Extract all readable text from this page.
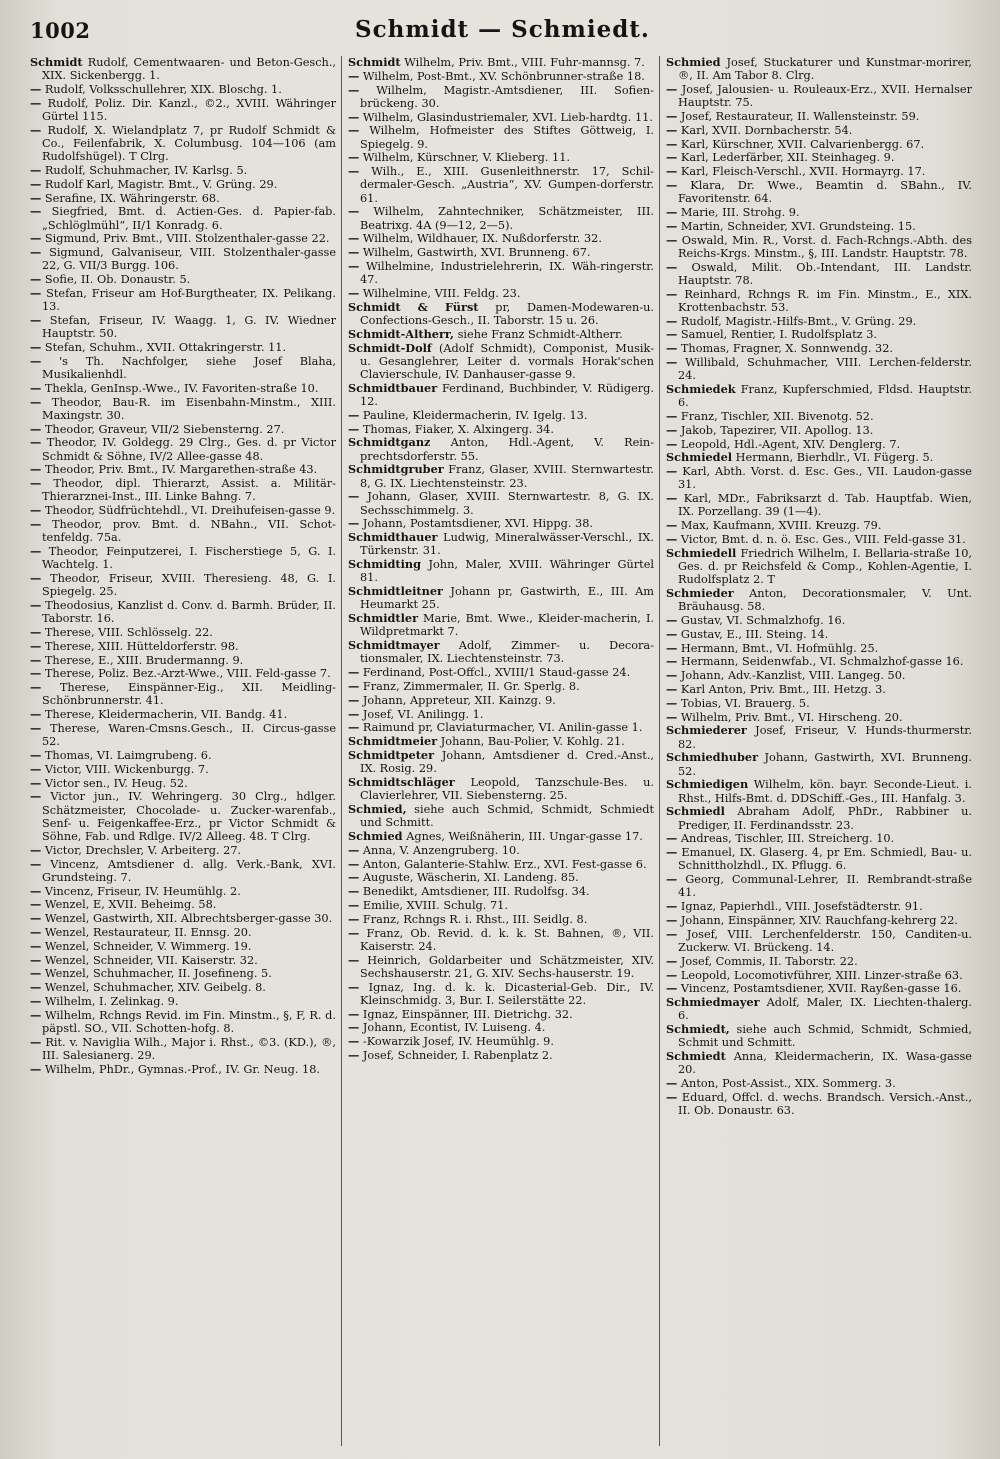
1002	Schmidt — Schmiedt.

Schmidt Rudolf, Cementwaaren- und Beton-Gesch., XIX. Sickenbergg. 1.

— Rudolf, Volksschullehrer, XIX. Bloschg. 1.

— Rudolf, Poliz. Dir. Kanzl., ©2., XVIII. Währinger Gürtel 115.

— Rudolf, X. Wielandplatz 7, pr Rudolf Schmidt & Co., Feilenfabrik, X. Columbusg. 104—106 (am Rudolfshügel). T Clrg.

— Rudolf, Schuhmacher, IV. Karlsg. 5.

— Rudolf Karl, Magistr. Bmt., V. Grüng. 29.

— Serafine, IX. Währingerstr. 68.

— Siegfried, Bmt. d. Actien-Ges. d. Papier-fab. „Schlöglmühl“, II/1 Konradg. 6.

— Sigmund, Priv. Bmt., VIII. Stolzenthaler-gasse 22.

— Sigmund, Galvaniseur, VIII. Stolzenthaler-gasse 22, G. VII/3 Burgg. 106.

— Sofie, II. Ob. Donaustr. 5.

— Stefan, Friseur am Hof-Burgtheater, IX. Pelikang. 13.

— Stefan, Friseur, IV. Waagg. 1, G. IV. Wiedner Hauptstr. 50.

— Stefan, Schuhm., XVII. Ottakringerstr. 11.

— 's Th. Nachfolger, siehe Josef Blaha, Musikalienhdl.

— Thekla, GenInsp.-Wwe., IV. Favoriten-straße 10.

— Theodor, Bau-R. im Eisenbahn-Minstm., XIII. Maxingstr. 30.

— Theodor, Graveur, VII/2 Siebensterng. 27.

— Theodor, IV. Goldegg. 29 Clrg., Ges. d. pr Victor Schmidt & Söhne, IV/2 Allee-gasse 48.

— Theodor, Priv. Bmt., IV. Margarethen-straße 43.

— Theodor, dipl. Thierarzt, Assist. a. Militär-Thierarznei-Inst., III. Linke Bahng. 7.

— Theodor, Südfrüchtehdl., VI. Dreihufeisen-gasse 9.

— Theodor, prov. Bmt. d. NBahn., VII. Schot-tenfeldg. 75a.

— Theodor, Feinputzerei, I. Fischerstiege 5, G. I. Wachtelg. 1.

— Theodor, Friseur, XVIII. Theresieng. 48, G. I. Spiegelg. 25.

— Theodosius, Kanzlist d. Conv. d. Barmh. Brüder, II. Taborstr. 16.

— Therese, VIII. Schlösselg. 22.

— Therese, XIII. Hütteldorferstr. 98.

— Therese, E., XIII. Brudermanng. 9.

— Therese, Poliz. Bez.-Arzt-Wwe., VIII. Feld-gasse 7.

— Therese, Einspänner-Eig., XII. Meidling-Schönbrunnerstr. 41.

— Therese, Kleidermacherin, VII. Bandg. 41.

— Therese, Waren-Cmsns.Gesch., II. Circus-gasse 52.

— Thomas, VI. Laimgrubeng. 6.

— Victor, VIII. Wickenburgg. 7.

— Victor sen., IV. Heug. 52.

— Victor jun., IV. Wehringerg. 30 Clrg., hdlger. Schätzmeister, Chocolade- u. Zucker-warenfab., Senf- u. Feigenkaffee-Erz., pr Victor Schmidt & Söhne, Fab. und Rdlge. IV/2 Alleeg. 48. T Clrg.

— Victor, Drechsler, V. Arbeiterg. 27.

— Vincenz, Amtsdiener d. allg. Verk.-Bank, XVI. Grundsteing. 7.

— Vincenz, Friseur, IV. Heumühlg. 2.

— Wenzel, E, XVII. Beheimg. 58.

— Wenzel, Gastwirth, XII. Albrechtsberger-gasse 30.

— Wenzel, Restaurateur, II. Ennsg. 20.

— Wenzel, Schneider, V. Wimmerg. 19.

— Wenzel, Schneider, VII. Kaiserstr. 32.

— Wenzel, Schuhmacher, II. Josefineng. 5.

— Wenzel, Schuhmacher, XIV. Geibelg. 8.

— Wilhelm, I. Zelinkag. 9.

— Wilhelm, Rchngs Revid. im Fin. Minstm., §, F, R. d. päpstl. SO., VII. Schotten-hofg. 8.

— Rit. v. Naviglia Wilh., Major i. Rhst., ©3. (KD.), ®, III. Salesianerg. 29.

— Wilhelm, PhDr., Gymnas.-Prof., IV. Gr. Neug. 18.

Schmidt Wilhelm, Priv. Bmt., VIII. Fuhr-mannsg. 7.

— Wilhelm, Post-Bmt., XV. Schönbrunner-straße 18.

— Wilhelm, Magistr.-Amtsdiener, III. Sofien-brückeng. 30.

— Wilhelm, Glasindustriemaler, XVI. Lieb-hardtg. 11.

— Wilhelm, Hofmeister des Stiftes Göttweig, I. Spiegelg. 9.

— Wilhelm, Kürschner, V. Klieberg. 11.

— Wilh., E., XIII. Gusenleithnerstr. 17, Schil-dermaler-Gesch. „Austria“, XV. Gumpen-dorferstr. 61.

— Wilhelm, Zahntechniker, Schätzmeister, III. Beatrixg. 4A (9—12, 2—5).

— Wilhelm, Wildhauer, IX. Nußdorferstr. 32.

— Wilhelm, Gastwirth, XVI. Brunneng. 67.

— Wilhelmine, Industrielehrerin, IX. Wäh-ringerstr. 47.

— Wilhelmine, VIII. Feldg. 23.

Schmidt & Fürst pr, Damen-Modewaren-u. Confections-Gesch., II. Taborstr. 15 u. 26.

Schmidt-Altherr, siehe Franz Schmidt-Altherr.

Schmidt-Dolf (Adolf Schmidt), Componist, Musik- u. Gesanglehrer, Leiter d. vormals Horak'schen Clavierschule, IV. Danhauser-gasse 9.

Schmidtbauer Ferdinand, Buchbinder, V. Rüdigerg. 12.

— Pauline, Kleidermacherin, IV. Igelg. 13.

— Thomas, Fiaker, X. Alxingerg. 34.

Schmidtganz Anton, Hdl.-Agent, V. Rein-prechtsdorferstr. 55.

Schmidtgruber Franz, Glaser, XVIII. Sternwartestr. 8, G. IX. Liechtensteinstr. 23.

— Johann, Glaser, XVIII. Sternwartestr. 8, G. IX. Sechsschimmelg. 3.

— Johann, Postamtsdiener, XVI. Hippg. 38.

Schmidthauer Ludwig, Mineralwässer-Verschl., IX. Türkenstr. 31.

Schmidting John, Maler, XVIII. Währinger Gürtel 81.

Schmidtleitner Johann pr, Gastwirth, E., III. Am Heumarkt 25.

Schmidtler Marie, Bmt. Wwe., Kleider-macherin, I. Wildpretmarkt 7.

Schmidtmayer Adolf, Zimmer- u. Decora-tionsmaler, IX. Liechtensteinstr. 73.

— Ferdinand, Post-Offcl., XVIII/1 Staud-gasse 24.

— Franz, Zimmermaler, II. Gr. Sperlg. 8.

— Johann, Appreteur, XII. Kainzg. 9.

— Josef, VI. Anilingg. 1.

— Raimund pr, Claviaturmacher, VI. Anilin-gasse 1.

Schmidtmeier Johann, Bau-Polier, V. Kohlg. 21.

Schmidtpeter Johann, Amtsdiener d. Cred.-Anst., IX. Rosig. 29.

Schmidtschläger Leopold, Tanzschule-Bes. u. Clavierlehrer, VII. Siebensterng. 25.

Schmied, siehe auch Schmid, Schmidt, Schmiedt und Schmitt.

Schmied Agnes, Weißnäherin, III. Ungar-gasse 17.

— Anna, V. Anzengruberg. 10.

— Anton, Galanterie-Stahlw. Erz., XVI. Fest-gasse 6.

— Auguste, Wäscherin, XI. Landeng. 85.

— Benedikt, Amtsdiener, III. Rudolfsg. 34.

— Emilie, XVIII. Schulg. 71.

— Franz, Rchngs R. i. Rhst., III. Seidlg. 8.

— Franz, Ob. Revid. d. k. k. St. Bahnen, ®, VII. Kaiserstr. 24.

— Heinrich, Goldarbeiter und Schätzmeister, XIV. Sechshauserstr. 21, G. XIV. Sechs-hauserstr. 19.

— Ignaz, Ing. d. k. k. Dicasterial-Geb. Dir., IV. Kleinschmidg. 3, Bur. I. Seilerstätte 22.

— Ignaz, Einspänner, III. Dietrichg. 32.

— Johann, Econtist, IV. Luiseng. 4.

— -Kowarzik Josef, IV. Heumühlg. 9.

— Josef, Schneider, I. Rabenplatz 2.

Schmied Josef, Stuckaturer und Kunstmar-morirer, ®, II. Am Tabor 8. Clrg.

— Josef, Jalousien- u. Rouleaux-Erz., XVII. Hernalser Hauptstr. 75.

— Josef, Restaurateur, II. Wallensteinstr. 59.

— Karl, XVII. Dornbacherstr. 54.

— Karl, Kürschner, XVII. Calvarienbergg. 67.

— Karl, Lederfärber, XII. Steinhageg. 9.

— Karl, Fleisch-Verschl., XVII. Hormayrg. 17.

— Klara, Dr. Wwe., Beamtin d. SBahn., IV. Favoritenstr. 64.

— Marie, III. Strohg. 9.

— Martin, Schneider, XVI. Grundsteing. 15.

— Oswald, Min. R., Vorst. d. Fach-Rchngs.-Abth. des Reichs-Krgs. Minstm., §, III. Landstr. Hauptstr. 78.

— Oswald, Milit. Ob.-Intendant, III. Landstr. Hauptstr. 78.

— Reinhard, Rchngs R. im Fin. Minstm., E., XIX. Krottenbachstr. 53.

— Rudolf, Magistr.-Hilfs-Bmt., V. Grüng. 29.

— Samuel, Rentier, I. Rudolfsplatz 3.

— Thomas, Fragner, X. Sonnwendg. 32.

— Willibald, Schuhmacher, VIII. Lerchen-felderstr. 24.

Schmiedek Franz, Kupferschmied, Fldsd. Hauptstr. 6.

— Franz, Tischler, XII. Bivenotg. 52.

— Jakob, Tapezirer, VII. Apollog. 13.

— Leopold, Hdl.-Agent, XIV. Denglerg. 7.

Schmiedel Hermann, Bierhdlr., VI. Fügerg. 5.

— Karl, Abth. Vorst. d. Esc. Ges., VII. Laudon-gasse 31.

— Karl, MDr., Fabriksarzt d. Tab. Hauptfab. Wien, IX. Porzellang. 39 (1—4).

— Max, Kaufmann, XVIII. Kreuzg. 79.

— Victor, Bmt. d. n. ö. Esc. Ges., VIII. Feld-gasse 31.

Schmiedell Friedrich Wilhelm, I. Bellaria-straße 10, Ges. d. pr Reichsfeld & Comp., Kohlen-Agentie, I. Rudolfsplatz 2. T

Schmieder Anton, Decorationsmaler, V. Unt. Bräuhausg. 58.

— Gustav, VI. Schmalzhofg. 16.

— Gustav, E., III. Steing. 14.

— Hermann, Bmt., VI. Hofmühlg. 25.

— Hermann, Seidenwfab., VI. Schmalzhof-gasse 16.

— Johann, Adv.-Kanzlist, VIII. Langeg. 50.

— Karl Anton, Priv. Bmt., III. Hetzg. 3.

— Tobias, VI. Brauerg. 5.

— Wilhelm, Priv. Bmt., VI. Hirscheng. 20.

Schmiederer Josef, Friseur, V. Hunds-thurmerstr. 82.

Schmiedhuber Johann, Gastwirth, XVI. Brunneng. 52.

Schmiedigen Wilhelm, kön. bayr. Seconde-Lieut. i. Rhst., Hilfs-Bmt. d. DDSchiff.-Ges., III. Hanfalg. 3.

Schmiedl Abraham Adolf, PhDr., Rabbiner u. Prediger, II. Ferdinandsstr. 23.

— Andreas, Tischler, III. Streicherg. 10.

— Emanuel, IX. Glaserg. 4, pr Em. Schmiedl, Bau- u. Schnittholzhdl., IX. Pflugg. 6.

— Georg, Communal-Lehrer, II. Rembrandt-straße 41.

— Ignaz, Papierhdl., VIII. Josefstädterstr. 91.

— Johann, Einspänner, XIV. Rauchfang-kehrerg 22.

— Josef, VIII. Lerchenfelderstr. 150, Canditen-u. Zuckerw. VI. Brückeng. 14.

— Josef, Commis, II. Taborstr. 22.

— Leopold, Locomotivführer, XIII. Linzer-straße 63.

— Vincenz, Postamtsdiener, XVII. Rayßen-gasse 16.

Schmiedmayer Adolf, Maler, IX. Liechten-thalerg. 6.

Schmiedt, siehe auch Schmid, Schmidt, Schmied, Schmit und Schmitt.

Schmiedt Anna, Kleidermacherin, IX. Wasa-gasse 20.

— Anton, Post-Assist., XIX. Sommerg. 3.

— Eduard, Offcl. d. wechs. Brandsch. Versich.-Anst., II. Ob. Donaustr. 63.
